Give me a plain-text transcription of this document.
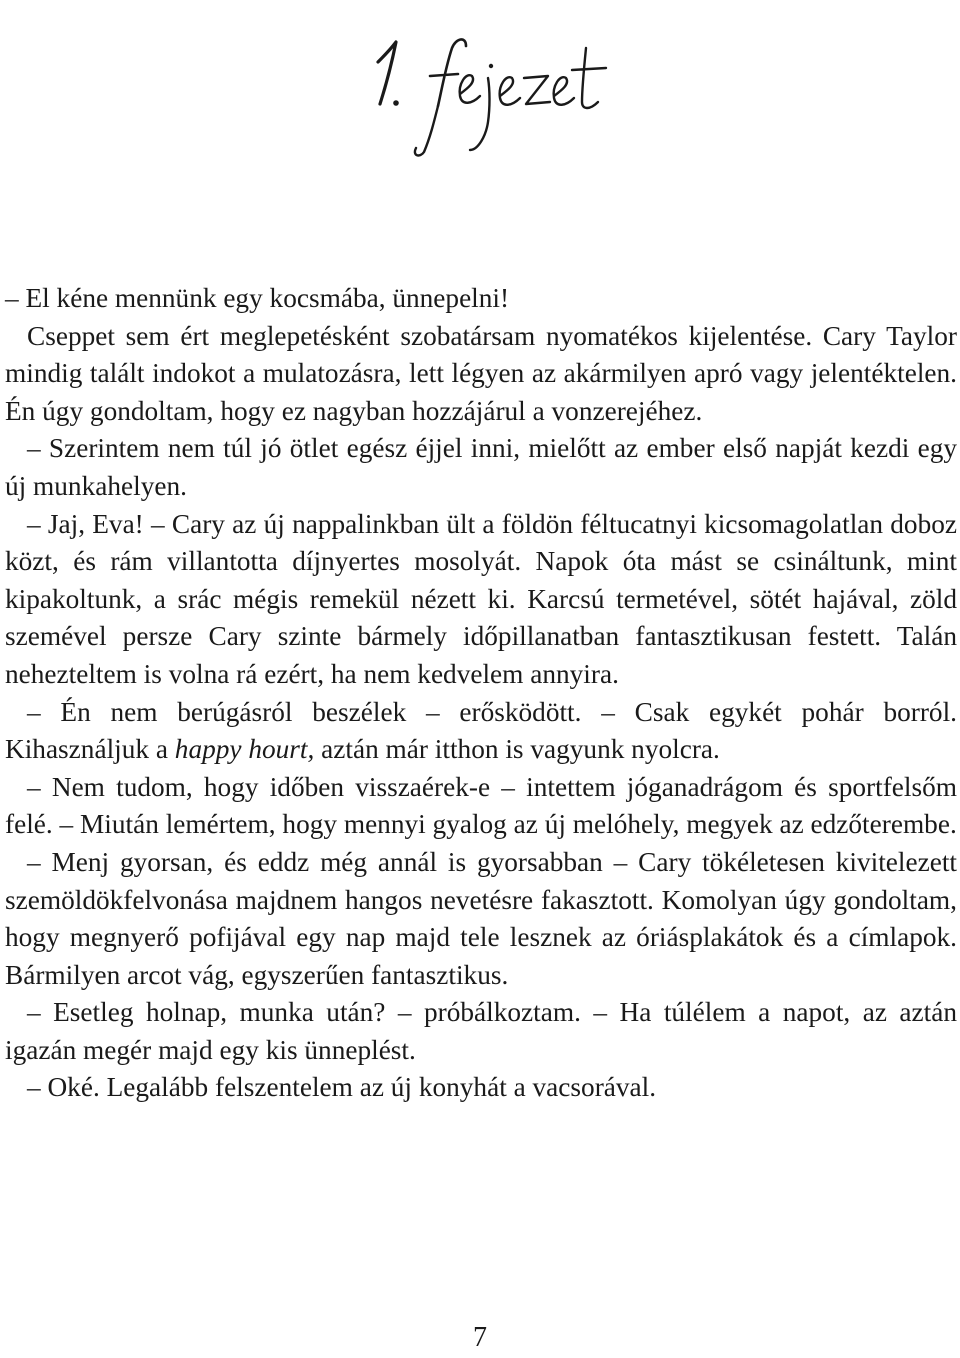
– El kéne mennünk egy kocsmába, ünnepelni!

Cseppet sem ért meglepetésként szobatársam nyomatékos kijelentése. Cary Taylor mindig talált indokot a mulatozásra, lett légyen az akármilyen apró vagy jelentéktelen. Én úgy gondoltam, hogy ez nagyban hozzájárul a vonzerejéhez.

– Szerintem nem túl jó ötlet egész éjjel inni, mielőtt az ember első napját kezdi egy új munkahelyen.

– Jaj, Eva! – Cary az új nappalinkban ült a földön féltucatnyi kicsomagolatlan doboz közt, és rám villantotta díjnyertes mosolyát. Napok óta mást se csináltunk, mint kipakoltunk, a srác mégis remekül nézett ki. Karcsú termetével, sötét hajával, zöld szemével persze Cary szinte bármely időpillanatban fantasztikusan festett. Talán nehezteltem is volna rá ezért, ha nem kedvelem annyira.

– Én nem berúgásról beszélek – erősködött. – Csak egykét pohár borról. Kihasználjuk a happy hourt, aztán már itthon is vagyunk nyolcra.

– Nem tudom, hogy időben visszaérek-e – intettem jóganadrágom és sportfelsőm felé. – Miután lemértem, hogy mennyi gyalog az új melóhely, megyek az edzőterembe.

– Menj gyorsan, és eddz még annál is gyorsabban – Cary tökéletesen kivitelezett szemöldökfelvonása majdnem hangos nevetésre fakasztott. Komolyan úgy gondoltam, hogy megnyerő pofijával egy nap majd tele lesznek az óriásplakátok és a címlapok. Bármilyen arcot vág, egyszerűen fantasztikus.

– Esetleg holnap, munka után? – próbálkoztam. – Ha túlélem a napot, az aztán igazán megér majd egy kis ünneplést.

– Oké. Legalább felszentelem az új konyhát a vacsorával.

7
